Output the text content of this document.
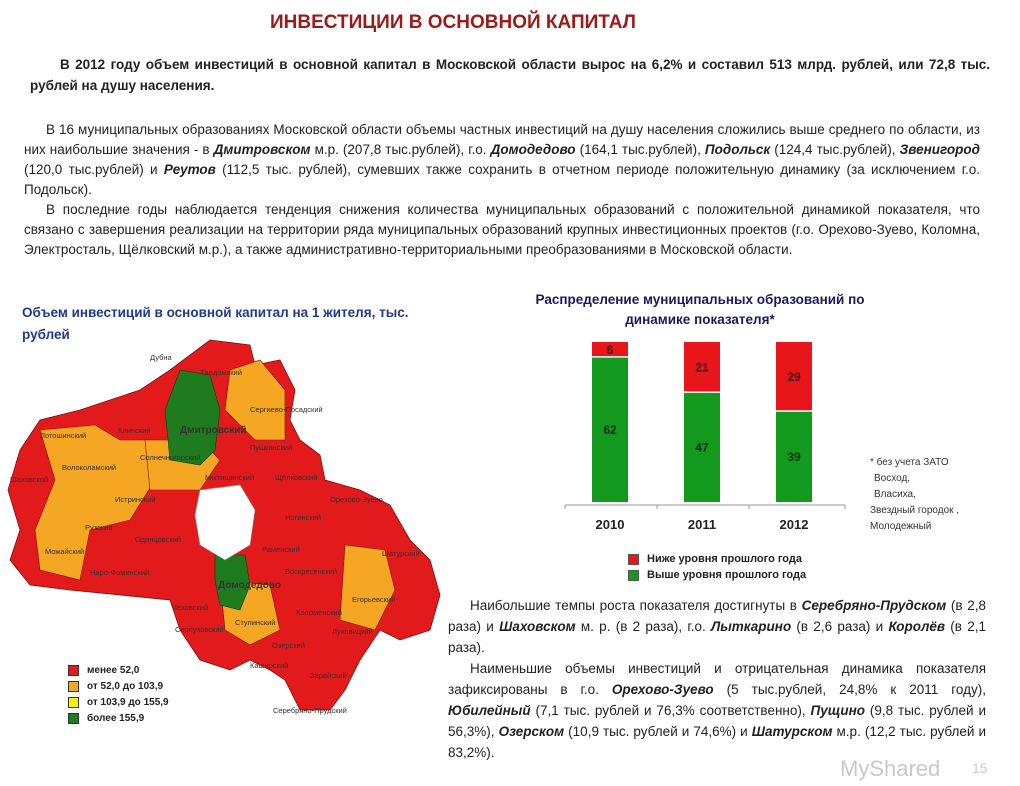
ИНВЕСТИЦИИ В ОСНОВНОЙ КАПИТАЛ
В 2012 году объем инвестиций в основной капитал в Московской области вырос на 6,2% и составил 513 млрд. рублей, или 72,8 тыс. рублей на душу населения.

В 16 муниципальных образованиях Московской области объемы частных инвестиций на душу населения сложились выше среднего по области, из них наибольшие значения - в Дмитровском м.р. (207,8 тыс.рублей), г.о. Домодедово (164,1 тыс.рублей), Подольск (124,4 тыс.рублей), Звенигород (120,0 тыс.рублей) и Реутов (112,5 тыс. рублей), сумевших также сохранить в отчетном периоде положительную динамику (за исключением г.о. Подольск).

В последние годы наблюдается тенденция снижения количества муниципальных образований с положительной динамикой показателя, что связано с завершения реализации на территории ряда муниципальных образований крупных инвестиционных проектов (г.о. Орехово-Зуево, Коломна, Электросталь, Щёлковский м.р.), а также административно-территориальными преобразованиями в Московской области.

Объем инвестиций в основной капитал на 1 жителя, тыс. рублей
Дмитровский
Домодедово
Талдомский
Сергиево-Посадский
Клинский
Лотошинский
Шаховской
Волоколамский
Истринский
Рузский
Можайский
Одинцовский
Наро-Фоминский
Чеховский
Серпуховский
Ступинский
Каширский
Зарайский
Озерский
Коломенский
Луховицкий
Егорьевский
Шатурский
Воскресенский
Раменский
Ногинский
Орехово-Зуево
Серебряно-Прудский
Солнечногорский
Пушкинский
Мытищинский	Щёлковский
Дубна
менее 52,0
от 52,0 до 103,9
от 103,9 до 155,9
более 155,9
Распределение муниципальных образований по динамике показателя*
6
62
2010
21
47
2011
29
39
2012
Ниже уровня прошлого года
Выше уровня прошлого года
* без учета ЗАТО
Восход,
Власиха,
Звездный городок ,
Молодежный

Наибольшие темпы роста показателя достигнуты в Серебряно-Прудском (в 2,8 раза) и Шаховском м. р. (в 2 раза), г.о. Лыткарино (в 2,6 раза) и Королёв (в 2,1 раза).

Наименьшие объемы инвестиций и отрицательная динамика показателя зафиксированы в г.о. Орехово-Зуево (5 тыс.рублей, 24,8% к 2011 году), Юбилейный (7,1 тыс. рублей и 76,3% соответственно), Пущино (9,8 тыс. рублей и 56,3%), Озерском (10,9 тыс. рублей и 74,6%) и Шатурском м.р. (12,2 тыс. рублей и 83,2%).

MyShared 15
